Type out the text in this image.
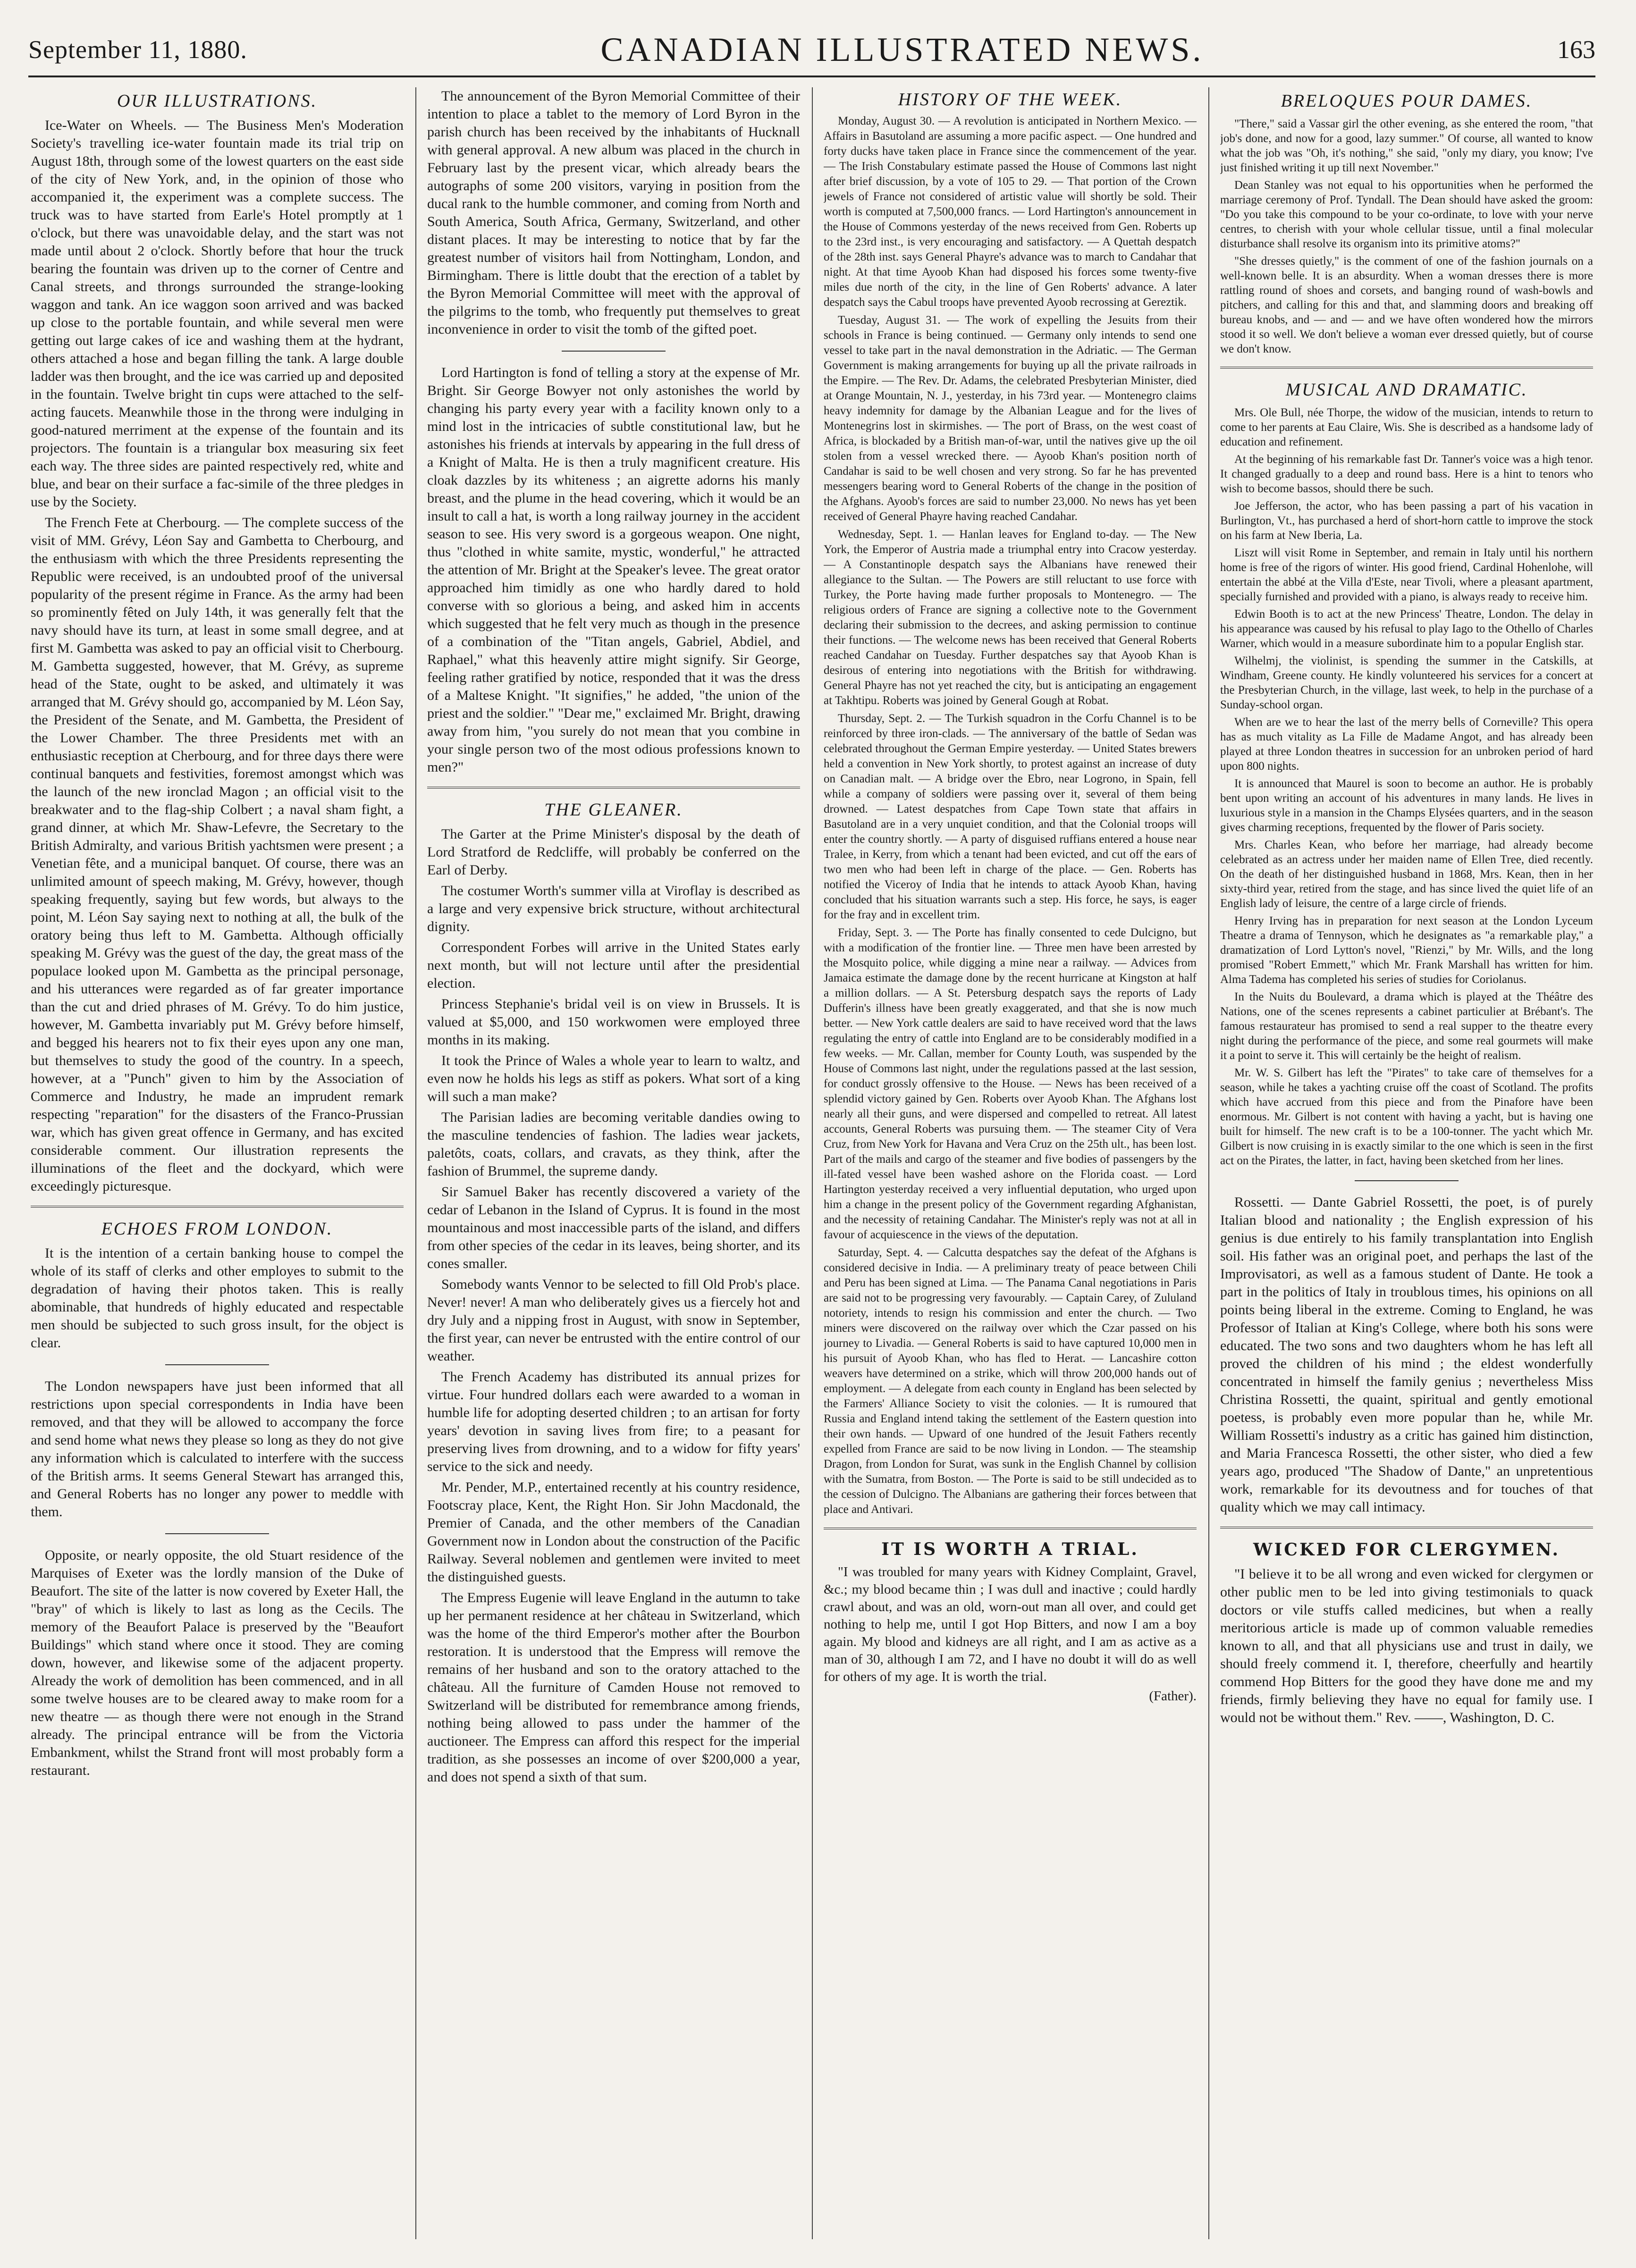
September 11, 1880.	CANADIAN ILLUSTRATED NEWS.	163
OUR ILLUSTRATIONS.

Ice-Water on Wheels. — The Business Men's Moderation Society's travelling ice-water fountain made its trial trip on August 18th, through some of the lowest quarters on the east side of the city of New York, and, in the opinion of those who accompanied it, the experiment was a complete success. The truck was to have started from Earle's Hotel promptly at 1 o'clock, but there was unavoidable delay, and the start was not made until about 2 o'clock. Shortly before that hour the truck bearing the fountain was driven up to the corner of Centre and Canal streets, and throngs surrounded the strange-looking waggon and tank. An ice waggon soon arrived and was backed up close to the portable fountain, and while several men were getting out large cakes of ice and washing them at the hydrant, others attached a hose and began filling the tank. A large double ladder was then brought, and the ice was carried up and deposited in the fountain. Twelve bright tin cups were attached to the self-acting faucets. Meanwhile those in the throng were indulging in good-natured merriment at the expense of the fountain and its projectors. The fountain is a triangular box measuring six feet each way. The three sides are painted respectively red, white and blue, and bear on their surface a fac-simile of the three pledges in use by the Society.

The French Fete at Cherbourg. — The complete success of the visit of MM. Grévy, Léon Say and Gambetta to Cherbourg, and the enthusiasm with which the three Presidents representing the Republic were received, is an undoubted proof of the universal popularity of the present régime in France. As the army had been so prominently fêted on July 14th, it was generally felt that the navy should have its turn, at least in some small degree, and at first M. Gambetta was asked to pay an official visit to Cherbourg. M. Gambetta suggested, however, that M. Grévy, as supreme head of the State, ought to be asked, and ultimately it was arranged that M. Grévy should go, accompanied by M. Léon Say, the President of the Senate, and M. Gambetta, the President of the Lower Chamber. The three Presidents met with an enthusiastic reception at Cherbourg, and for three days there were continual banquets and festivities, foremost amongst which was the launch of the new ironclad Magon ; an official visit to the breakwater and to the flag-ship Colbert ; a naval sham fight, a grand dinner, at which Mr. Shaw-Lefevre, the Secretary to the British Admiralty, and various British yachtsmen were present ; a Venetian fête, and a municipal banquet. Of course, there was an unlimited amount of speech making, M. Grévy, however, though speaking frequently, saying but few words, but always to the point, M. Léon Say saying next to nothing at all, the bulk of the oratory being thus left to M. Gambetta. Although officially speaking M. Grévy was the guest of the day, the great mass of the populace looked upon M. Gambetta as the principal personage, and his utterances were regarded as of far greater importance than the cut and dried phrases of M. Grévy. To do him justice, however, M. Gambetta invariably put M. Grévy before himself, and begged his hearers not to fix their eyes upon any one man, but themselves to study the good of the country. In a speech, however, at a "Punch" given to him by the Association of Commerce and Industry, he made an imprudent remark respecting "reparation" for the disasters of the Franco-Prussian war, which has given great offence in Germany, and has excited considerable comment. Our illustration represents the illuminations of the fleet and the dockyard, which were exceedingly picturesque.

ECHOES FROM LONDON.

It is the intention of a certain banking house to compel the whole of its staff of clerks and other employes to submit to the degradation of having their photos taken. This is really abominable, that hundreds of highly educated and respectable men should be subjected to such gross insult, for the object is clear.

The London newspapers have just been informed that all restrictions upon special correspondents in India have been removed, and that they will be allowed to accompany the force and send home what news they please so long as they do not give any information which is calculated to interfere with the success of the British arms. It seems General Stewart has arranged this, and General Roberts has no longer any power to meddle with them.

Opposite, or nearly opposite, the old Stuart residence of the Marquises of Exeter was the lordly mansion of the Duke of Beaufort. The site of the latter is now covered by Exeter Hall, the "bray" of which is likely to last as long as the Cecils. The memory of the Beaufort Palace is preserved by the "Beaufort Buildings" which stand where once it stood. They are coming down, however, and likewise some of the adjacent property. Already the work of demolition has been commenced, and in all some twelve houses are to be cleared away to make room for a new theatre — as though there were not enough in the Strand already. The principal entrance will be from the Victoria Embankment, whilst the Strand front will most probably form a restaurant.

The announcement of the Byron Memorial Committee of their intention to place a tablet to the memory of Lord Byron in the parish church has been received by the inhabitants of Hucknall with general approval. A new album was placed in the church in February last by the present vicar, which already bears the autographs of some 200 visitors, varying in position from the ducal rank to the humble commoner, and coming from North and South America, South Africa, Germany, Switzerland, and other distant places. It may be interesting to notice that by far the greatest number of visitors hail from Nottingham, London, and Birmingham. There is little doubt that the erection of a tablet by the Byron Memorial Committee will meet with the approval of the pilgrims to the tomb, who frequently put themselves to great inconvenience in order to visit the tomb of the gifted poet.

Lord Hartington is fond of telling a story at the expense of Mr. Bright. Sir George Bowyer not only astonishes the world by changing his party every year with a facility known only to a mind lost in the intricacies of subtle constitutional law, but he astonishes his friends at intervals by appearing in the full dress of a Knight of Malta. He is then a truly magnificent creature. His cloak dazzles by its whiteness ; an aigrette adorns his manly breast, and the plume in the head covering, which it would be an insult to call a hat, is worth a long railway journey in the accident season to see. His very sword is a gorgeous weapon. One night, thus "clothed in white samite, mystic, wonderful," he attracted the attention of Mr. Bright at the Speaker's levee. The great orator approached him timidly as one who hardly dared to hold converse with so glorious a being, and asked him in accents which suggested that he felt very much as though in the presence of a combination of the "Titan angels, Gabriel, Abdiel, and Raphael," what this heavenly attire might signify. Sir George, feeling rather gratified by notice, responded that it was the dress of a Maltese Knight. "It signifies," he added, "the union of the priest and the soldier." "Dear me," exclaimed Mr. Bright, drawing away from him, "you surely do not mean that you combine in your single person two of the most odious professions known to men?"

THE GLEANER.

The Garter at the Prime Minister's disposal by the death of Lord Stratford de Redcliffe, will probably be conferred on the Earl of Derby.

The costumer Worth's summer villa at Viroflay is described as a large and very expensive brick structure, without architectural dignity.

Correspondent Forbes will arrive in the United States early next month, but will not lecture until after the presidential election.

Princess Stephanie's bridal veil is on view in Brussels. It is valued at $5,000, and 150 workwomen were employed three months in its making.

It took the Prince of Wales a whole year to learn to waltz, and even now he holds his legs as stiff as pokers. What sort of a king will such a man make?

The Parisian ladies are becoming veritable dandies owing to the masculine tendencies of fashion. The ladies wear jackets, paletôts, coats, collars, and cravats, as they think, after the fashion of Brummel, the supreme dandy.

Sir Samuel Baker has recently discovered a variety of the cedar of Lebanon in the Island of Cyprus. It is found in the most mountainous and most inaccessible parts of the island, and differs from other species of the cedar in its leaves, being shorter, and its cones smaller.

Somebody wants Vennor to be selected to fill Old Prob's place. Never! never! A man who deliberately gives us a fiercely hot and dry July and a nipping frost in August, with snow in September, the first year, can never be entrusted with the entire control of our weather.

The French Academy has distributed its annual prizes for virtue. Four hundred dollars each were awarded to a woman in humble life for adopting deserted children ; to an artisan for forty years' devotion in saving lives from fire; to a peasant for preserving lives from drowning, and to a widow for fifty years' service to the sick and needy.

Mr. Pender, M.P., entertained recently at his country residence, Footscray place, Kent, the Right Hon. Sir John Macdonald, the Premier of Canada, and the other members of the Canadian Government now in London about the construction of the Pacific Railway. Several noblemen and gentlemen were invited to meet the distinguished guests.

The Empress Eugenie will leave England in the autumn to take up her permanent residence at her château in Switzerland, which was the home of the third Emperor's mother after the Bourbon restoration. It is understood that the Empress will remove the remains of her husband and son to the oratory attached to the château. All the furniture of Camden House not removed to Switzerland will be distributed for remembrance among friends, nothing being allowed to pass under the hammer of the auctioneer. The Empress can afford this respect for the imperial tradition, as she possesses an income of over $200,000 a year, and does not spend a sixth of that sum.

HISTORY OF THE WEEK.

Monday, August 30. — A revolution is anticipated in Northern Mexico. — Affairs in Basutoland are assuming a more pacific aspect. — One hundred and forty ducks have taken place in France since the commencement of the year. — The Irish Constabulary estimate passed the House of Commons last night after brief discussion, by a vote of 105 to 29. — That portion of the Crown jewels of France not considered of artistic value will shortly be sold. Their worth is computed at 7,500,000 francs. — Lord Hartington's announcement in the House of Commons yesterday of the news received from Gen. Roberts up to the 23rd inst., is very encouraging and satisfactory. — A Quettah despatch of the 28th inst. says General Phayre's advance was to march to Candahar that night. At that time Ayoob Khan had disposed his forces some twenty-five miles due north of the city, in the line of Gen Roberts' advance. A later despatch says the Cabul troops have prevented Ayoob recrossing at Gereztik.

Tuesday, August 31. — The work of expelling the Jesuits from their schools in France is being continued. — Germany only intends to send one vessel to take part in the naval demonstration in the Adriatic. — The German Government is making arrangements for buying up all the private railroads in the Empire. — The Rev. Dr. Adams, the celebrated Presbyterian Minister, died at Orange Mountain, N. J., yesterday, in his 73rd year. — Montenegro claims heavy indemnity for damage by the Albanian League and for the lives of Montenegrins lost in skirmishes. — The port of Brass, on the west coast of Africa, is blockaded by a British man-of-war, until the natives give up the oil stolen from a vessel wrecked there. — Ayoob Khan's position north of Candahar is said to be well chosen and very strong. So far he has prevented messengers bearing word to General Roberts of the change in the position of the Afghans. Ayoob's forces are said to number 23,000. No news has yet been received of General Phayre having reached Candahar.

Wednesday, Sept. 1. — Hanlan leaves for England to-day. — The New York, the Emperor of Austria made a triumphal entry into Cracow yesterday. — A Constantinople despatch says the Albanians have renewed their allegiance to the Sultan. — The Powers are still reluctant to use force with Turkey, the Porte having made further proposals to Montenegro. — The religious orders of France are signing a collective note to the Government declaring their submission to the decrees, and asking permission to continue their functions. — The welcome news has been received that General Roberts reached Candahar on Tuesday. Further despatches say that Ayoob Khan is desirous of entering into negotiations with the British for withdrawing. General Phayre has not yet reached the city, but is anticipating an engagement at Takhtipu. Roberts was joined by General Gough at Robat.

Thursday, Sept. 2. — The Turkish squadron in the Corfu Channel is to be reinforced by three iron-clads. — The anniversary of the battle of Sedan was celebrated throughout the German Empire yesterday. — United States brewers held a convention in New York shortly, to protest against an increase of duty on Canadian malt. — A bridge over the Ebro, near Logrono, in Spain, fell while a company of soldiers were passing over it, several of them being drowned. — Latest despatches from Cape Town state that affairs in Basutoland are in a very unquiet condition, and that the Colonial troops will enter the country shortly. — A party of disguised ruffians entered a house near Tralee, in Kerry, from which a tenant had been evicted, and cut off the ears of two men who had been left in charge of the place. — Gen. Roberts has notified the Viceroy of India that he intends to attack Ayoob Khan, having concluded that his situation warrants such a step. His force, he says, is eager for the fray and in excellent trim.

Friday, Sept. 3. — The Porte has finally consented to cede Dulcigno, but with a modification of the frontier line. — Three men have been arrested by the Mosquito police, while digging a mine near a railway. — Advices from Jamaica estimate the damage done by the recent hurricane at Kingston at half a million dollars. — A St. Petersburg despatch says the reports of Lady Dufferin's illness have been greatly exaggerated, and that she is now much better. — New York cattle dealers are said to have received word that the laws regulating the entry of cattle into England are to be considerably modified in a few weeks. — Mr. Callan, member for County Louth, was suspended by the House of Commons last night, under the regulations passed at the last session, for conduct grossly offensive to the House. — News has been received of a splendid victory gained by Gen. Roberts over Ayoob Khan. The Afghans lost nearly all their guns, and were dispersed and compelled to retreat. All latest accounts, General Roberts was pursuing them. — The steamer City of Vera Cruz, from New York for Havana and Vera Cruz on the 25th ult., has been lost. Part of the mails and cargo of the steamer and five bodies of passengers by the ill-fated vessel have been washed ashore on the Florida coast. — Lord Hartington yesterday received a very influential deputation, who urged upon him a change in the present policy of the Government regarding Afghanistan, and the necessity of retaining Candahar. The Minister's reply was not at all in favour of acquiescence in the views of the deputation.

Saturday, Sept. 4. — Calcutta despatches say the defeat of the Afghans is considered decisive in India. — A preliminary treaty of peace between Chili and Peru has been signed at Lima. — The Panama Canal negotiations in Paris are said not to be progressing very favourably. — Captain Carey, of Zululand notoriety, intends to resign his commission and enter the church. — Two miners were discovered on the railway over which the Czar passed on his journey to Livadia. — General Roberts is said to have captured 10,000 men in his pursuit of Ayoob Khan, who has fled to Herat. — Lancashire cotton weavers have determined on a strike, which will throw 200,000 hands out of employment. — A delegate from each county in England has been selected by the Farmers' Alliance Society to visit the colonies. — It is rumoured that Russia and England intend taking the settlement of the Eastern question into their own hands. — Upward of one hundred of the Jesuit Fathers recently expelled from France are said to be now living in London. — The steamship Dragon, from London for Surat, was sunk in the English Channel by collision with the Sumatra, from Boston. — The Porte is said to be still undecided as to the cession of Dulcigno. The Albanians are gathering their forces between that place and Antivari.

IT IS WORTH A TRIAL.

"I was troubled for many years with Kidney Complaint, Gravel, &c.; my blood became thin ; I was dull and inactive ; could hardly crawl about, and was an old, worn-out man all over, and could get nothing to help me, until I got Hop Bitters, and now I am a boy again. My blood and kidneys are all right, and I am as active as a man of 30, although I am 72, and I have no doubt it will do as well for others of my age. It is worth the trial.

(Father).
BRELOQUES POUR DAMES.

"There," said a Vassar girl the other evening, as she entered the room, "that job's done, and now for a good, lazy summer." Of course, all wanted to know what the job was "Oh, it's nothing," she said, "only my diary, you know; I've just finished writing it up till next November."

Dean Stanley was not equal to his opportunities when he performed the marriage ceremony of Prof. Tyndall. The Dean should have asked the groom: "Do you take this compound to be your co-ordinate, to love with your nerve centres, to cherish with your whole cellular tissue, until a final molecular disturbance shall resolve its organism into its primitive atoms?"

"She dresses quietly," is the comment of one of the fashion journals on a well-known belle. It is an absurdity. When a woman dresses there is more rattling round of shoes and corsets, and banging round of wash-bowls and pitchers, and calling for this and that, and slamming doors and breaking off bureau knobs, and — and — and we have often wondered how the mirrors stood it so well. We don't believe a woman ever dressed quietly, but of course we don't know.

MUSICAL AND DRAMATIC.

Mrs. Ole Bull, née Thorpe, the widow of the musician, intends to return to come to her parents at Eau Claire, Wis. She is described as a handsome lady of education and refinement.

At the beginning of his remarkable fast Dr. Tanner's voice was a high tenor. It changed gradually to a deep and round bass. Here is a hint to tenors who wish to become bassos, should there be such.

Joe Jefferson, the actor, who has been passing a part of his vacation in Burlington, Vt., has purchased a herd of short-horn cattle to improve the stock on his farm at New Iberia, La.

Liszt will visit Rome in September, and remain in Italy until his northern home is free of the rigors of winter. His good friend, Cardinal Hohenlohe, will entertain the abbé at the Villa d'Este, near Tivoli, where a pleasant apartment, specially furnished and provided with a piano, is always ready to receive him.

Edwin Booth is to act at the new Princess' Theatre, London. The delay in his appearance was caused by his refusal to play Iago to the Othello of Charles Warner, which would in a measure subordinate him to a popular English star.

Wilhelmj, the violinist, is spending the summer in the Catskills, at Windham, Greene county. He kindly volunteered his services for a concert at the Presbyterian Church, in the village, last week, to help in the purchase of a Sunday-school organ.

When are we to hear the last of the merry bells of Corneville? This opera has as much vitality as La Fille de Madame Angot, and has already been played at three London theatres in succession for an unbroken period of hard upon 800 nights.

It is announced that Maurel is soon to become an author. He is probably bent upon writing an account of his adventures in many lands. He lives in luxurious style in a mansion in the Champs Elysées quarters, and in the season gives charming receptions, frequented by the flower of Paris society.

Mrs. Charles Kean, who before her marriage, had already become celebrated as an actress under her maiden name of Ellen Tree, died recently. On the death of her distinguished husband in 1868, Mrs. Kean, then in her sixty-third year, retired from the stage, and has since lived the quiet life of an English lady of leisure, the centre of a large circle of friends.

Henry Irving has in preparation for next season at the London Lyceum Theatre a drama of Tennyson, which he designates as "a remarkable play," a dramatization of Lord Lytton's novel, "Rienzi," by Mr. Wills, and the long promised "Robert Emmett," which Mr. Frank Marshall has written for him. Alma Tadema has completed his series of studies for Coriolanus.

In the Nuits du Boulevard, a drama which is played at the Théâtre des Nations, one of the scenes represents a cabinet particulier at Brébant's. The famous restaurateur has promised to send a real supper to the theatre every night during the performance of the piece, and some real gourmets will make it a point to serve it. This will certainly be the height of realism.

Mr. W. S. Gilbert has left the "Pirates" to take care of themselves for a season, while he takes a yachting cruise off the coast of Scotland. The profits which have accrued from this piece and from the Pinafore have been enormous. Mr. Gilbert is not content with having a yacht, but is having one built for himself. The new craft is to be a 100-tonner. The yacht which Mr. Gilbert is now cruising in is exactly similar to the one which is seen in the first act on the Pirates, the latter, in fact, having been sketched from her lines.

Rossetti. — Dante Gabriel Rossetti, the poet, is of purely Italian blood and nationality ; the English expression of his genius is due entirely to his family transplantation into English soil. His father was an original poet, and perhaps the last of the Improvisatori, as well as a famous student of Dante. He took a part in the politics of Italy in troublous times, his opinions on all points being liberal in the extreme. Coming to England, he was Professor of Italian at King's College, where both his sons were educated. The two sons and two daughters whom he has left all proved the children of his mind ; the eldest wonderfully concentrated in himself the family genius ; nevertheless Miss Christina Rossetti, the quaint, spiritual and gently emotional poetess, is probably even more popular than he, while Mr. William Rossetti's industry as a critic has gained him distinction, and Maria Francesca Rossetti, the other sister, who died a few years ago, produced "The Shadow of Dante," an unpretentious work, remarkable for its devoutness and for touches of that quality which we may call intimacy.

WICKED FOR CLERGYMEN.

"I believe it to be all wrong and even wicked for clergymen or other public men to be led into giving testimonials to quack doctors or vile stuffs called medicines, but when a really meritorious article is made up of common valuable remedies known to all, and that all physicians use and trust in daily, we should freely commend it. I, therefore, cheerfully and heartily commend Hop Bitters for the good they have done me and my friends, firmly believing they have no equal for family use. I would not be without them." Rev. ——, Washington, D. C.
